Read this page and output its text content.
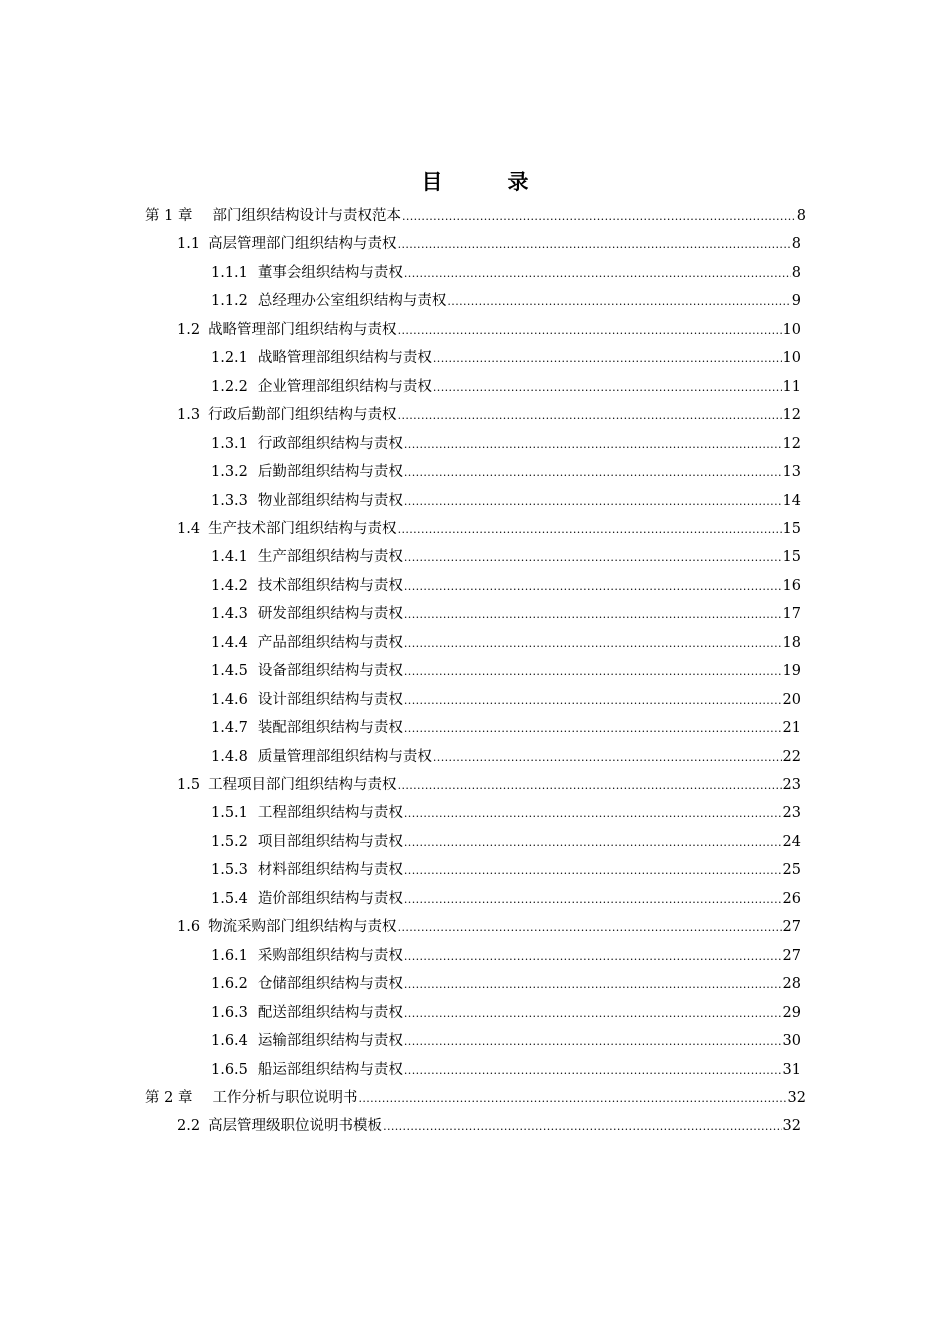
目　录
第 1 章 部门组织结构设计与责权范本 .....	8
1.1 高层管理部门组织结构与责权 .....	8
1.1.1 董事会组织结构与责权 .....	8
1.1.2 总经理办公室组织结构与责权 .....	9
1.2 战略管理部门组织结构与责权 .....	10
1.2.1 战略管理部组织结构与责权 .....	10
1.2.2 企业管理部组织结构与责权 .....	11
1.3 行政后勤部门组织结构与责权 .....	12
1.3.1 行政部组织结构与责权 .....	12
1.3.2 后勤部组织结构与责权 .....	13
1.3.3 物业部组织结构与责权 .....	14
1.4 生产技术部门组织结构与责权 .....	15
1.4.1 生产部组织结构与责权 .....	15
1.4.2 技术部组织结构与责权 .....	16
1.4.3 研发部组织结构与责权 .....	17
1.4.4 产品部组织结构与责权 .....	18
1.4.5 设备部组织结构与责权 .....	19
1.4.6 设计部组织结构与责权 .....	20
1.4.7 装配部组织结构与责权 .....	21
1.4.8 质量管理部组织结构与责权 .....	22
1.5 工程项目部门组织结构与责权 .....	23
1.5.1 工程部组织结构与责权 .....	23
1.5.2 项目部组织结构与责权 .....	24
1.5.3 材料部组织结构与责权 .....	25
1.5.4 造价部组织结构与责权 .....	26
1.6 物流采购部门组织结构与责权 .....	27
1.6.1 采购部组织结构与责权 .....	27
1.6.2 仓储部组织结构与责权 .....	28
1.6.3 配送部组织结构与责权 .....	29
1.6.4 运输部组织结构与责权 .....	30
1.6.5 船运部组织结构与责权 .....	31
第 2 章 工作分析与职位说明书 .....	32
2.2 高层管理级职位说明书模板 .....	32
